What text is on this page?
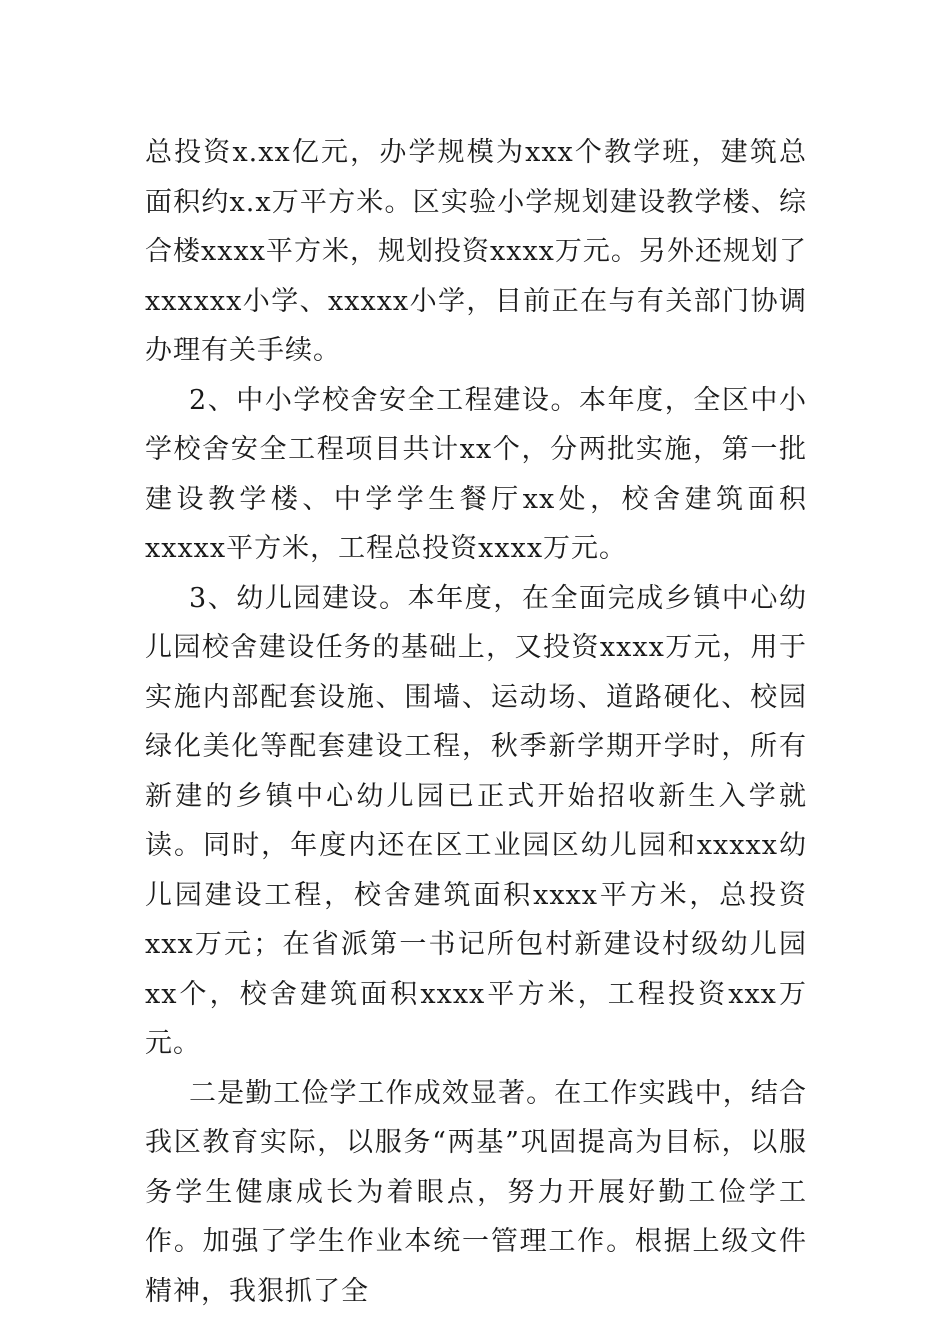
总投资x.xx亿元，办学规模为xxx个教学班，建筑总面积约x.x万平方米。区实验小学规划建设教学楼、综合楼xxxx平方米，规划投资xxxx万元。另外还规划了xxxxxx小学、xxxxx小学，目前正在与有关部门协调办理有关手续。

2、中小学校舍安全工程建设。本年度，全区中小学校舍安全工程项目共计xx个，分两批实施，第一批建设教学楼、中学学生餐厅xx处，校舍建筑面积xxxxx平方米，工程总投资xxxx万元。

3、幼儿园建设。本年度，在全面完成乡镇中心幼儿园校舍建设任务的基础上，又投资xxxx万元，用于实施内部配套设施、围墙、运动场、道路硬化、校园绿化美化等配套建设工程，秋季新学期开学时，所有新建的乡镇中心幼儿园已正式开始招收新生入学就读。同时，年度内还在区工业园区幼儿园和xxxxx幼儿园建设工程，校舍建筑面积xxxx平方米，总投资xxx万元；在省派第一书记所包村新建设村级幼儿园xx个，校舍建筑面积xxxx平方米，工程投资xxx万元。

二是勤工俭学工作成效显著。在工作实践中，结合我区教育实际，以服务“两基”巩固提高为目标，以服务学生健康成长为着眼点，努力开展好勤工俭学工作。加强了学生作业本统一管理工作。根据上级文件精神，我狠抓了全
